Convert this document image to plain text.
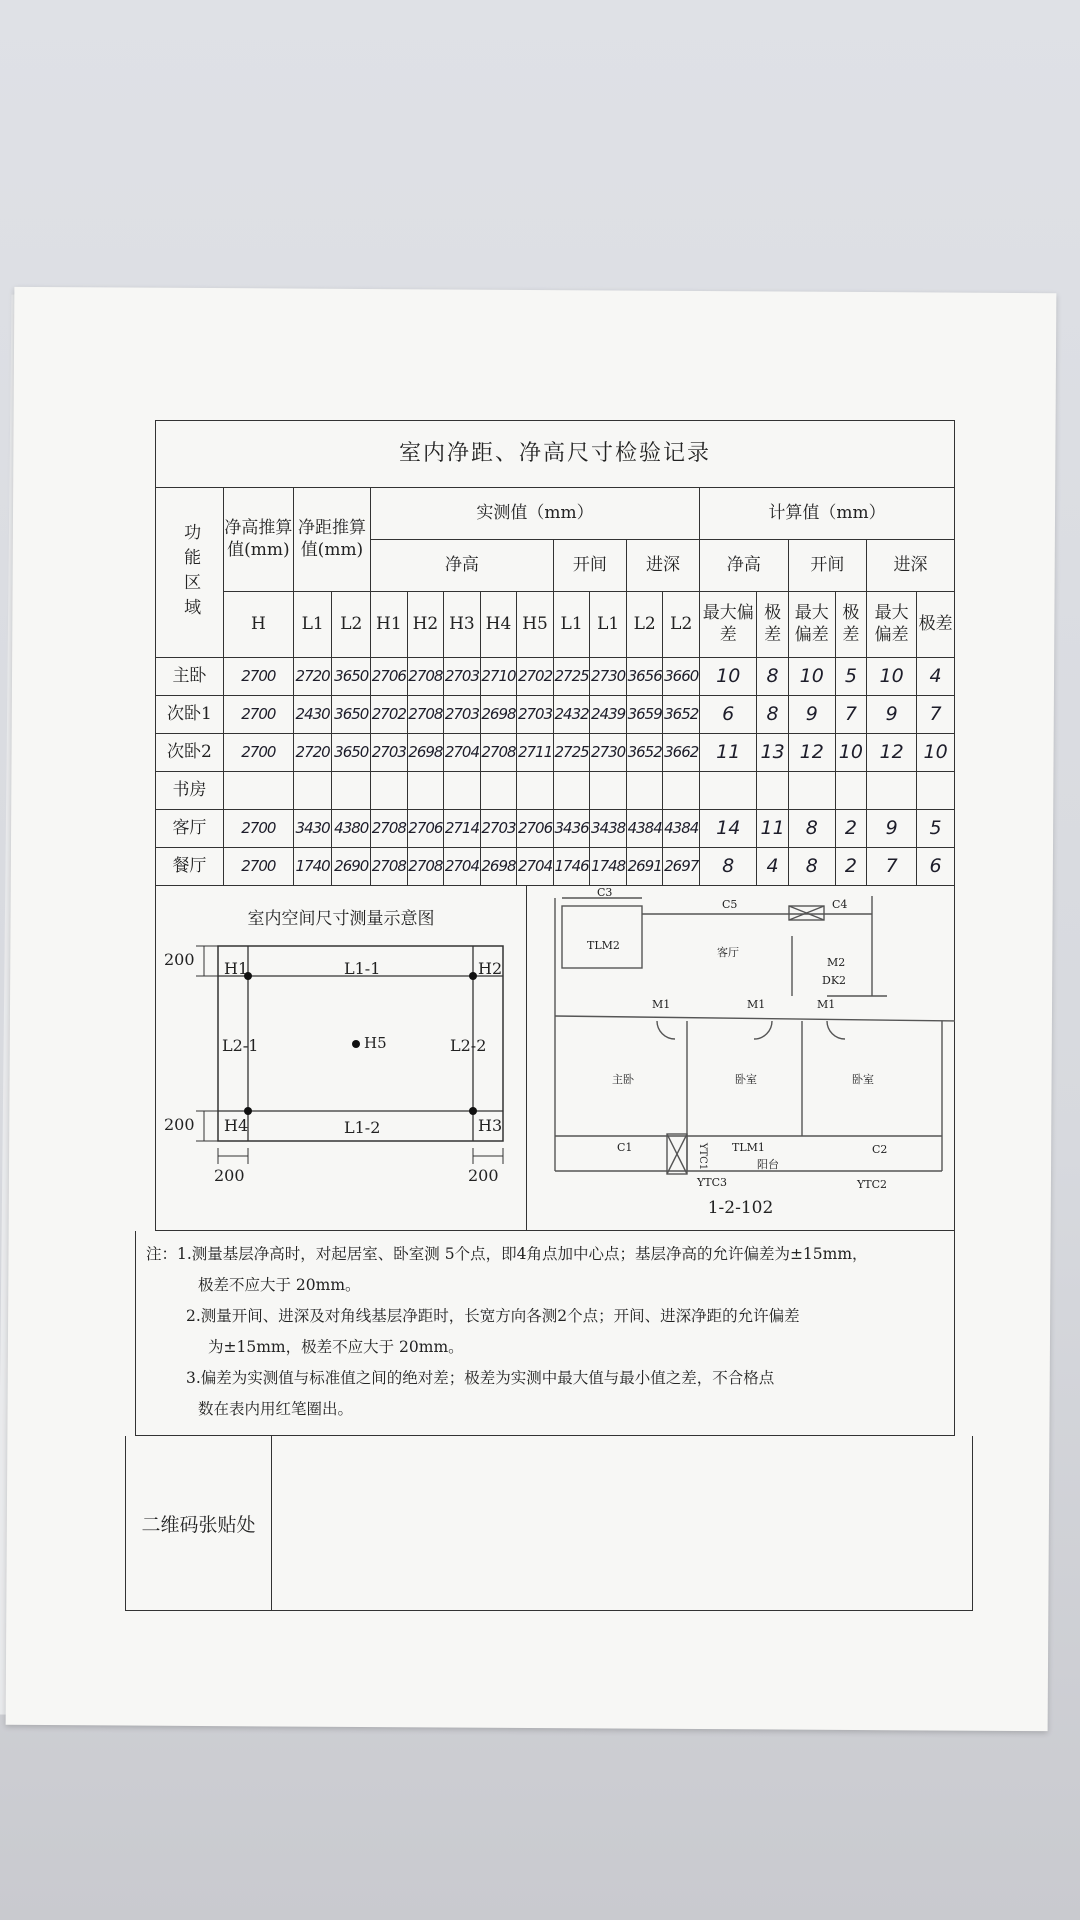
室内净距、净高尺寸检验记录																		
功能区域	净高推算值(mm)	净距推算值(mm)		实测值（mm）									计算值（mm）					
				净高					开间		进深		净高		开间		进深	
	H	L1	L2	H1	H2	H3	H4	H5	L1	L1	L2	L2	最大偏差	极差	最大偏差	极差	最大偏差	极差
主卧	2700	2720	3650	2706	2708	2703	2710	2702	2725	2730	3656	3660	10	8	10	5	10	4
次卧1	2700	2430	3650	2702	2708	2703	2698	2703	2432	2439	3659	3652	6	8	9	7	9	7
次卧2	2700	2720	3650	2703	2698	2704	2708	2711	2725	2730	3652	3662	11	13	12	10	12	10
书房																		
客厅	2700	3430	4380	2708	2706	2714	2703	2706	3436	3438	4384	4384	14	11	8	2	9	5
餐厅	2700	1740	2690	2708	2708	2704	2698	2704	1746	1748	2691	2697	8	4	8	2	7	6
室内空间尺寸测量示意图
H1	H2
H3
H4
H5
L1-1
L1-2
L2-1	L2-2
200
200
200	200
C3
C5	C4
TLM2
客厅
M2
DK2
M1	M1	M1
主卧	卧室	卧室
C1	TLM1
阳台
C2
YTC3	YTC2
YTC1
1-2-102

注：1.测量基层净高时，对起居室、卧室测 5个点，即4角点加中心点；基层净高的允许偏差为±15mm，

极差不应大于 20mm。

2.测量开间、进深及对角线基层净距时，长宽方向各测2个点；开间、进深净距的允许偏差

为±15mm，极差不应大于 20mm。

3.偏差为实测值与标准值之间的绝对差；极差为实测中最大值与最小值之差，不合格点

数在表内用红笔圈出。

二维码张贴处
